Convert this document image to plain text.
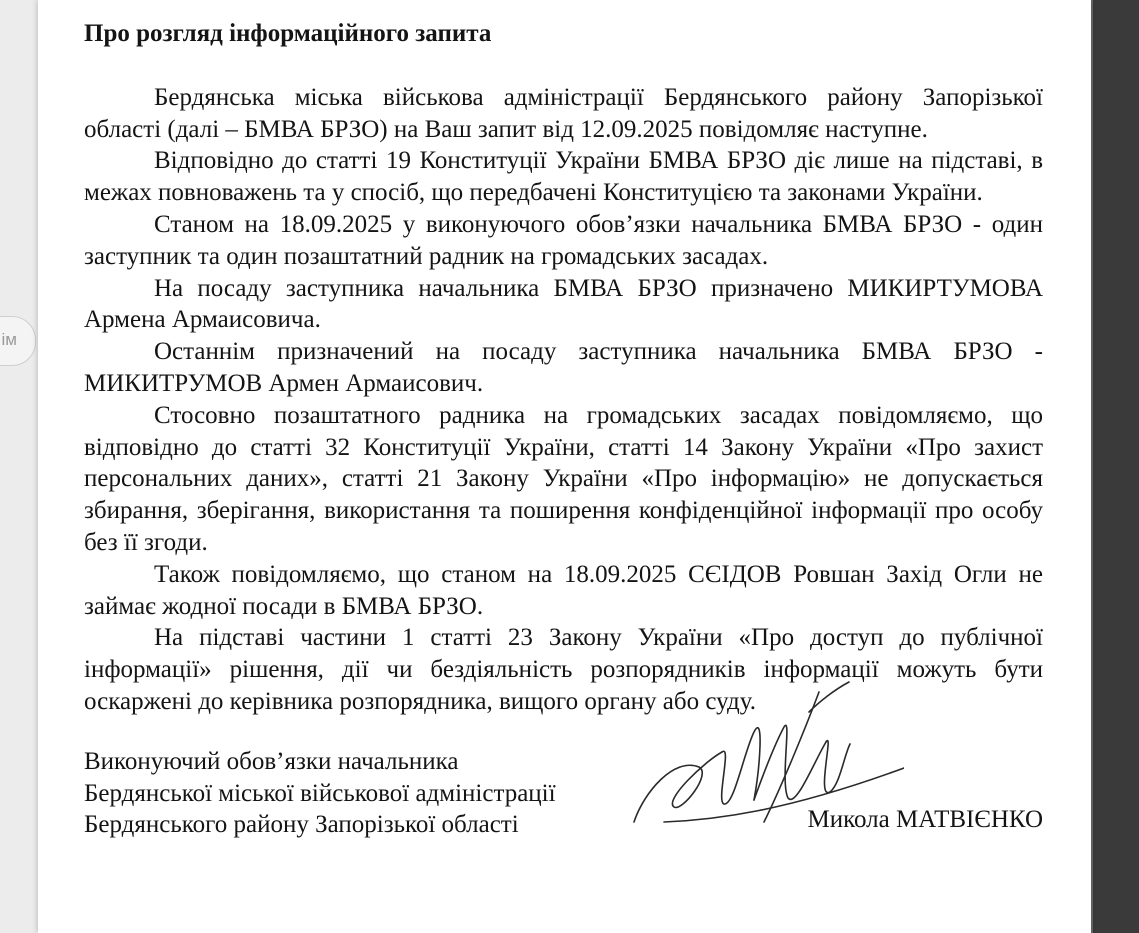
ім
Про розгляд інформаційного запита

Бердянська міська військова адміністрації Бердянського району Запорізької області (далі – БМВА БРЗО) на Ваш запит від 12.09.2025 повідомляє наступне.

Відповідно до статті 19 Конституції України БМВА БРЗО діє лише на підставі, в межах повноважень та у спосіб, що передбачені Конституцією та законами України.

Станом на 18.09.2025 у виконуючого обов’язки начальника БМВА БРЗО - один заступник та один позаштатний радник на громадських засадах.

На посаду заступника начальника БМВА БРЗО призначено МИКИРТУМОВА Армена Армаисовича.

Останнім призначений на посаду заступника начальника БМВА БРЗО - МИКИТРУМОВ Армен Армаисович.

Стосовно позаштатного радника на громадських засадах повідомляємо, що відповідно до статті 32 Конституції України, статті 14 Закону України «Про захист персональних даних», статті 21 Закону України «Про інформацію» не допускається збирання, зберігання, використання та поширення конфіденційної інформації про особу без її згоди.

Також повідомляємо, що станом на 18.09.2025 СЄІДОВ Ровшан Захід Огли не займає жодної посади в БМВА БРЗО.

На підставі частини 1 статті 23 Закону України «Про доступ до публічної інформації» рішення, дії чи бездіяльність розпорядників інформації можуть бути оскаржені до керівника розпорядника, вищого органу або суду.

Виконуючий обов’язки начальника
Бердянської міської військової адміністрації
Бердянського району Запорізької області	Микола МАТВІЄНКО
